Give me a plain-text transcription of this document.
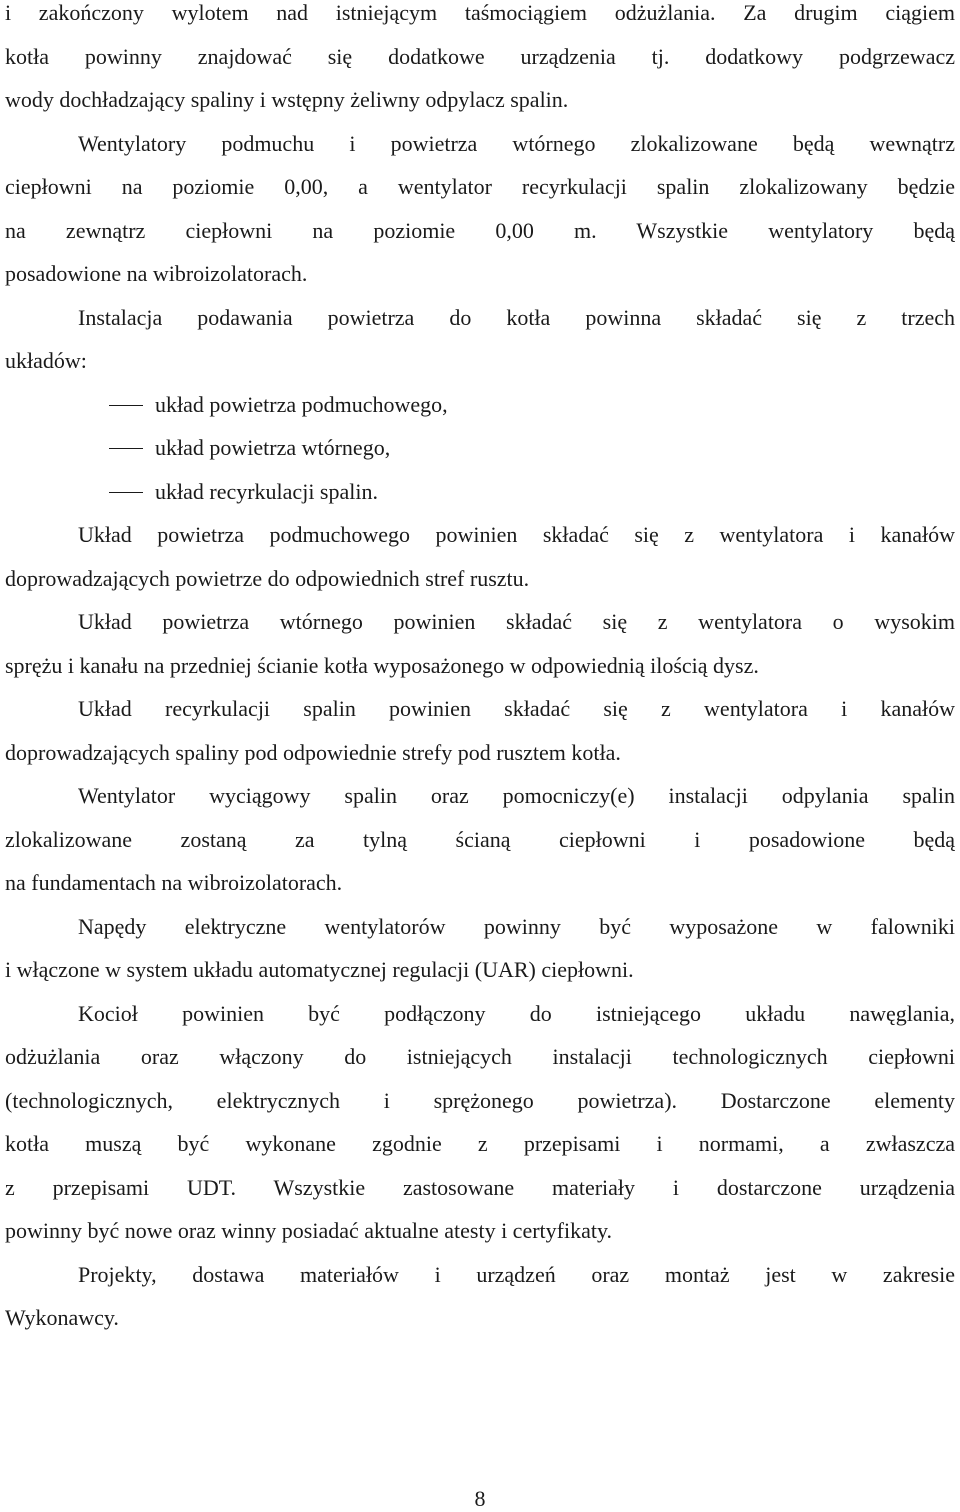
i zakończony wylotem nad istniejącym taśmociągiem odżużlania. Za drugim ciągiem
kotła powinny znajdować się dodatkowe urządzenia tj. dodatkowy podgrzewacz
wody dochładzający spaliny i wstępny żeliwny odpylacz spalin.
Wentylatory podmuchu i powietrza wtórnego zlokalizowane będą wewnątrz
ciepłowni na poziomie 0,00, a wentylator recyrkulacji spalin zlokalizowany będzie
na zewnątrz ciepłowni na poziomie 0,00 m. Wszystkie wentylatory będą
posadowione na wibroizolatorach.
Instalacja podawania powietrza do kotła powinna składać się z trzech
układów:
układ powietrza podmuchowego,
układ powietrza wtórnego,
układ recyrkulacji spalin.
Układ powietrza podmuchowego powinien składać się z wentylatora i kanałów
doprowadzających powietrze do odpowiednich stref rusztu.
Układ powietrza wtórnego powinien składać się z wentylatora o wysokim
sprężu i kanału na przedniej ścianie kotła wyposażonego w odpowiednią ilością dysz.
Układ recyrkulacji spalin powinien składać się z wentylatora i kanałów
doprowadzających spaliny pod odpowiednie strefy pod rusztem kotła.
Wentylator wyciągowy spalin oraz pomocniczy(e) instalacji odpylania spalin
zlokalizowane zostaną za tylną ścianą ciepłowni i posadowione będą
na fundamentach na wibroizolatorach.
Napędy elektryczne wentylatorów powinny być wyposażone w falowniki
i włączone w system układu automatycznej regulacji (UAR) ciepłowni.
Kocioł powinien być podłączony do istniejącego układu nawęglania,
odżużlania oraz włączony do istniejących instalacji technologicznych ciepłowni
(technologicznych, elektrycznych i sprężonego powietrza). Dostarczone elementy
kotła muszą być wykonane zgodnie z przepisami i normami, a zwłaszcza
z przepisami UDT. Wszystkie zastosowane materiały i dostarczone urządzenia
powinny być nowe oraz winny posiadać aktualne atesty i certyfikaty.
Projekty, dostawa materiałów i urządzeń oraz montaż jest w zakresie
Wykonawcy.
8
